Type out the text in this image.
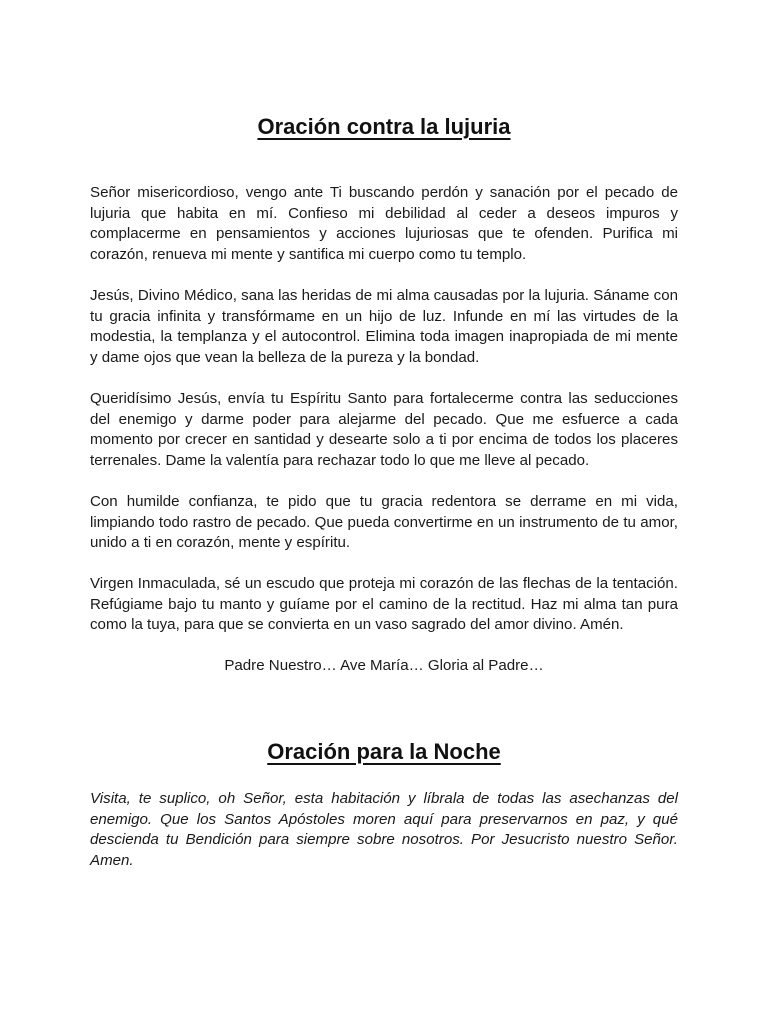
Oración contra la lujuria

Señor misericordioso, vengo ante Ti buscando perdón y sanación por el pecado de lujuria que habita en mí. Confieso mi debilidad al ceder a deseos impuros y complacerme en pensamientos y acciones lujuriosas que te ofenden. Purifica mi corazón, renueva mi mente y santifica mi cuerpo como tu templo.

Jesús, Divino Médico, sana las heridas de mi alma causadas por la lujuria. Sáname con tu gracia infinita y transfórmame en un hijo de luz. Infunde en mí las virtudes de la modestia, la templanza y el autocontrol. Elimina toda imagen inapropiada de mi mente y dame ojos que vean la belleza de la pureza y la bondad.

Queridísimo Jesús, envía tu Espíritu Santo para fortalecerme contra las seducciones del enemigo y darme poder para alejarme del pecado. Que me esfuerce a cada momento por crecer en santidad y desearte solo a ti por encima de todos los placeres terrenales. Dame la valentía para rechazar todo lo que me lleve al pecado.

Con humilde confianza, te pido que tu gracia redentora se derrame en mi vida, limpiando todo rastro de pecado. Que pueda convertirme en un instrumento de tu amor, unido a ti en corazón, mente y espíritu.

Virgen Inmaculada, sé un escudo que proteja mi corazón de las flechas de la tentación. Refúgiame bajo tu manto y guíame por el camino de la rectitud. Haz mi alma tan pura como la tuya, para que se convierta en un vaso sagrado del amor divino. Amén.

Padre Nuestro… Ave María… Gloria al Padre…

Oración para la Noche

Visita, te suplico, oh Señor, esta habitación y líbrala de todas las asechanzas del enemigo. Que los Santos Apóstoles moren aquí para preservarnos en paz, y qué descienda tu Bendición para siempre sobre nosotros. Por Jesucristo nuestro Señor. Amen.
